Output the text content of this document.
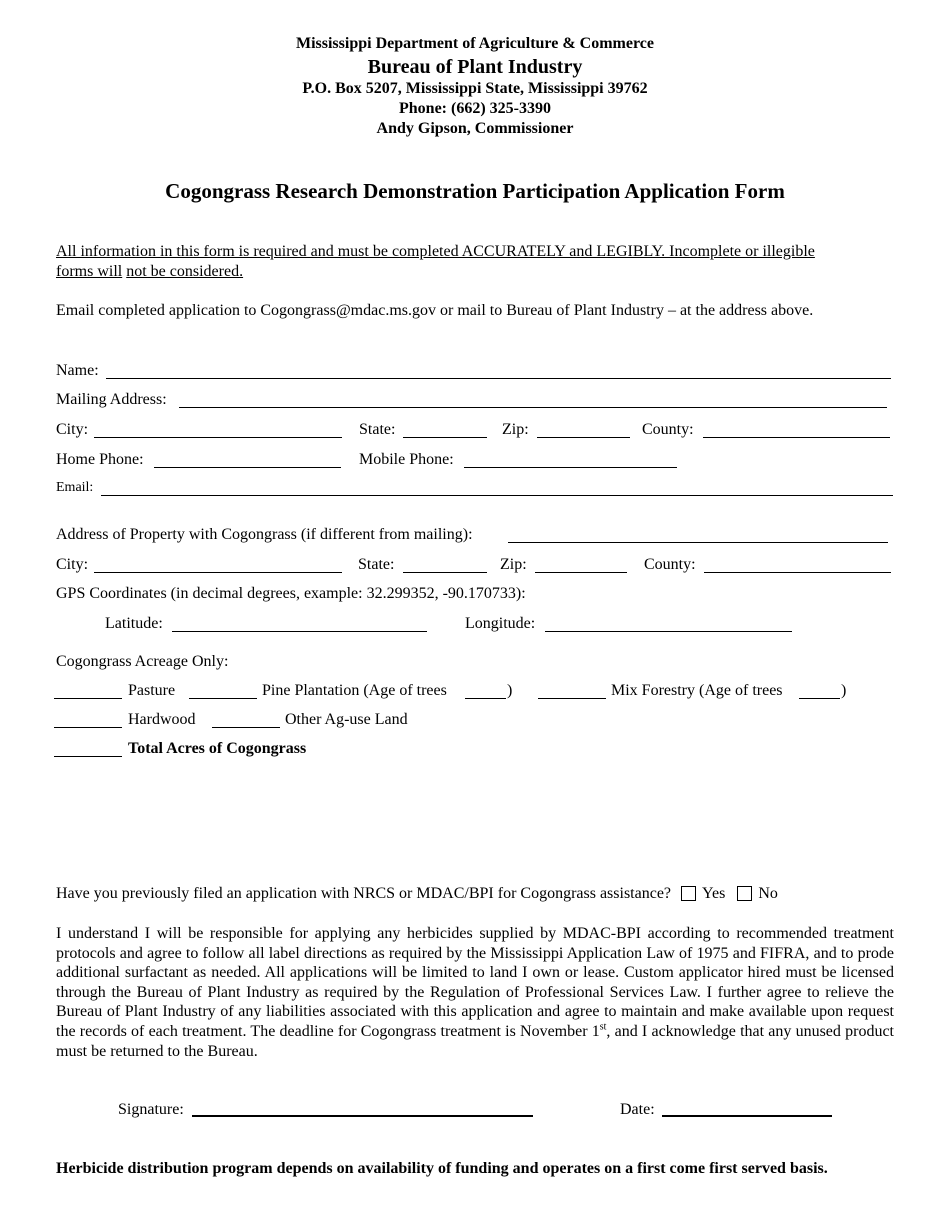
Mississippi Department of Agriculture & Commerce
Bureau of Plant Industry
P.O. Box 5207, Mississippi State, Mississippi 39762
Phone: (662) 325-3390
Andy Gipson, Commissioner
Cogongrass Research Demonstration Participation Application Form
All information in this form is required and must be completed ACCURATELY and LEGIBLY. Incomplete or illegible
forms will not be considered.
Email completed application to Cogongrass@mdac.ms.gov or mail to Bureau of Plant Industry – at the address above.
Name:
Mailing Address:
City:	State:	Zip:	County:
Home Phone:	Mobile Phone:
Email:
Address of Property with Cogongrass (if different from mailing):
City:	State:	Zip:	County:
GPS Coordinates (in decimal degrees, example: 32.299352, -90.170733):
Latitude:	Longitude:
Cogongrass Acreage Only:
Pasture	Pine Plantation (Age of trees	)	Mix Forestry (Age of trees	)
Hardwood	Other Ag-use Land
Total Acres of Cogongrass
Have you previously filed an application with NRCS or MDAC/BPI for Cogongrass assistance? Yes No
I understand I will be responsible for applying any herbicides supplied by MDAC-BPI according to recommended treatment protocols and agree to follow all label directions as required by the Mississippi Application Law of 1975 and FIFRA, and to prode additional surfactant as needed. All applications will be limited to land I own or lease. Custom applicator hired must be licensed through the Bureau of Plant Industry as required by the Regulation of Professional Services Law. I further agree to relieve the Bureau of Plant Industry of any liabilities associated with this application and agree to maintain and make available upon request the records of each treatment. The deadline for Cogongrass treatment is November 1st, and I acknowledge that any unused product must be returned to the Bureau.
Signature:	Date:
Herbicide distribution program depends on availability of funding and operates on a first come first served basis.
